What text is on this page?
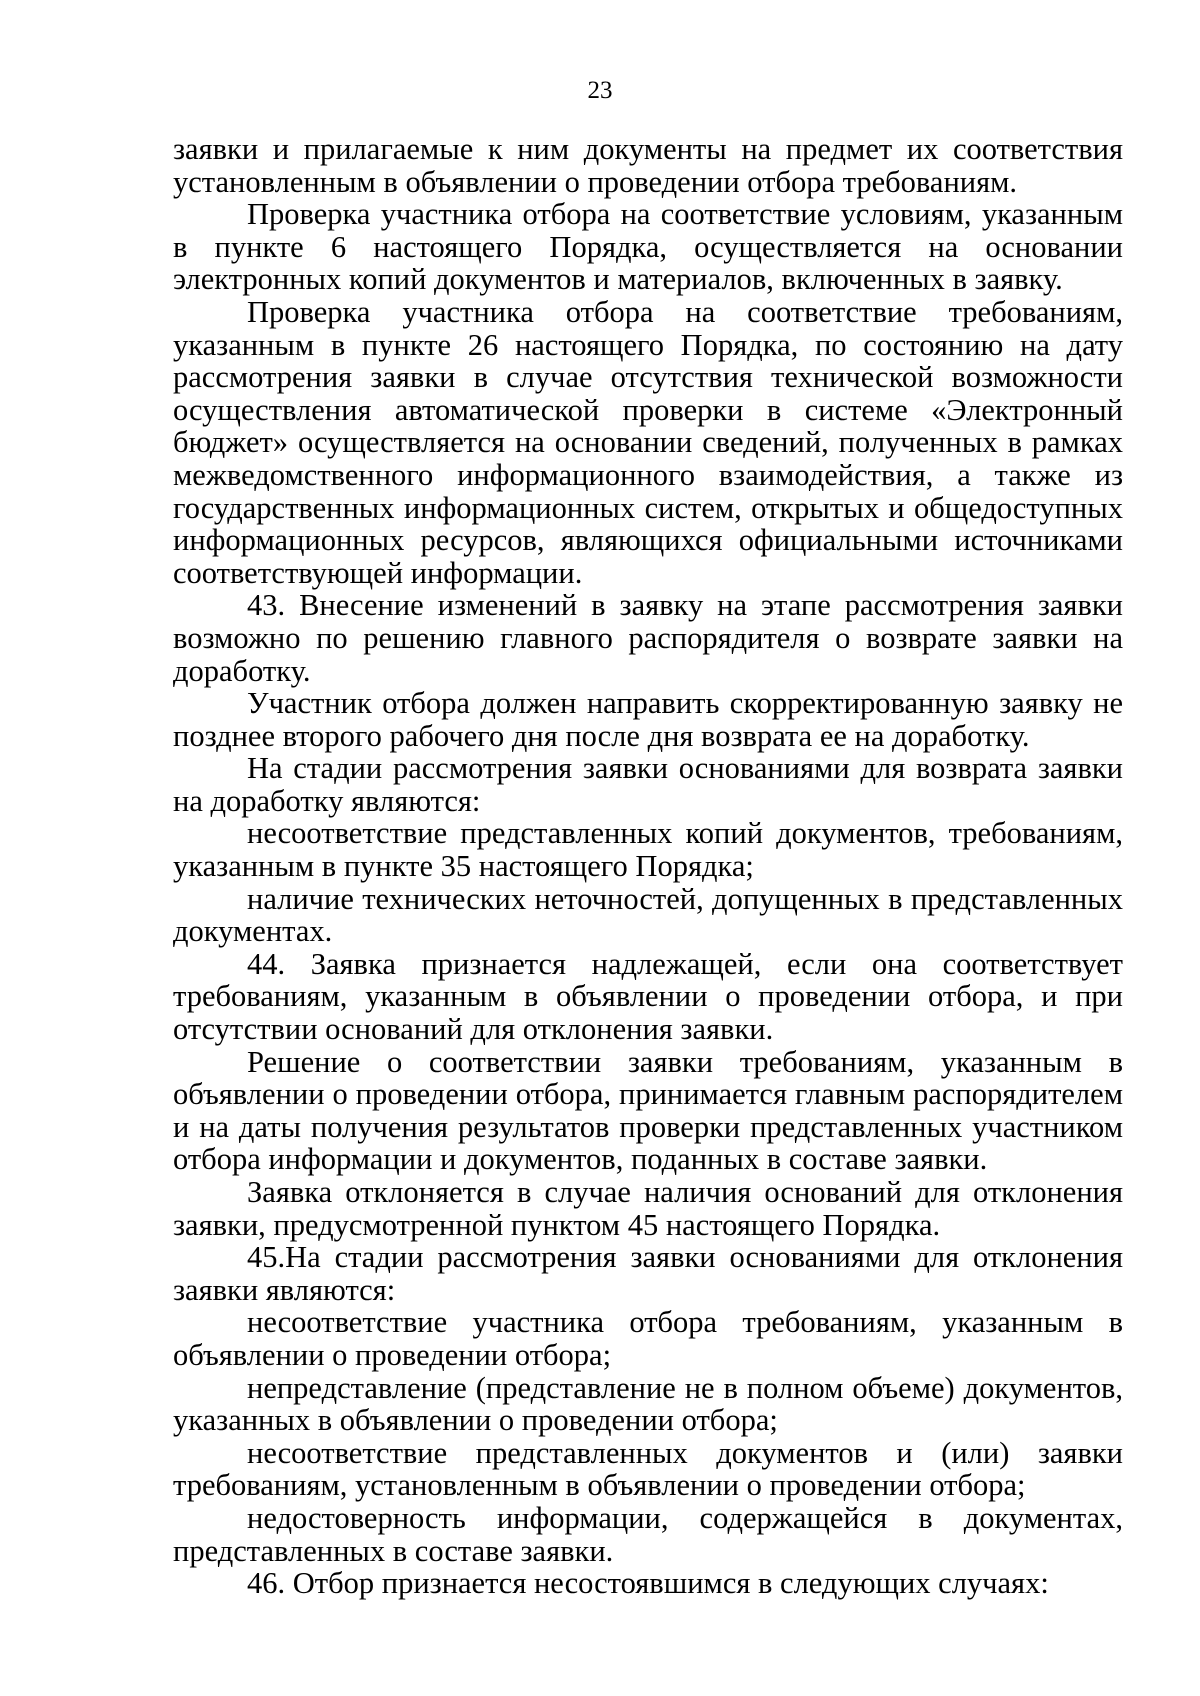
23

заявки и прилагаемые к ним документы на предмет их соответствия установленным в объявлении о проведении отбора требованиям.

Проверка участника отбора на соответствие условиям, указанным в пункте 6 настоящего Порядка, осуществляется на основании электронных копий документов и материалов, включенных в заявку.

Проверка участника отбора на соответствие требованиям, указанным в пункте 26 настоящего Порядка, по состоянию на дату рассмотрения заявки в случае отсутствия технической возможности осуществления автоматической проверки в системе «Электронный бюджет» осуществляется на основании сведений, полученных в рамках межведомственного информационного взаимодействия, а также из государственных информационных систем, открытых и общедоступных информационных ресурсов, являющихся официальными источниками соответствующей информации.

43. Внесение изменений в заявку на этапе рассмотрения заявки возможно по решению главного распорядителя о возврате заявки на доработку.

Участник отбора должен направить скорректированную заявку не позднее второго рабочего дня после дня возврата ее на доработку.

На стадии рассмотрения заявки основаниями для возврата заявки на доработку являются:

несоответствие представленных копий документов, требованиям, указанным в пункте 35 настоящего Порядка;

наличие технических неточностей, допущенных в представленных документах.

44. Заявка признается надлежащей, если она соответствует требованиям, указанным в объявлении о проведении отбора, и при отсутствии оснований для отклонения заявки.

Решение о соответствии заявки требованиям, указанным в объявлении о проведении отбора, принимается главным распорядителем и на даты получения результатов проверки представленных участником отбора информации и документов, поданных в составе заявки.

Заявка отклоняется в случае наличия оснований для отклонения заявки, предусмотренной пунктом 45 настоящего Порядка.

45.На стадии рассмотрения заявки основаниями для отклонения заявки являются:

несоответствие участника отбора требованиям, указанным в объявлении о проведении отбора;

непредставление (представление не в полном объеме) документов, указанных в объявлении о проведении отбора;

несоответствие представленных документов и (или) заявки требованиям, установленным в объявлении о проведении отбора;

недостоверность информации, содержащейся в документах, представленных в составе заявки.

46. Отбор признается несостоявшимся в следующих случаях:
